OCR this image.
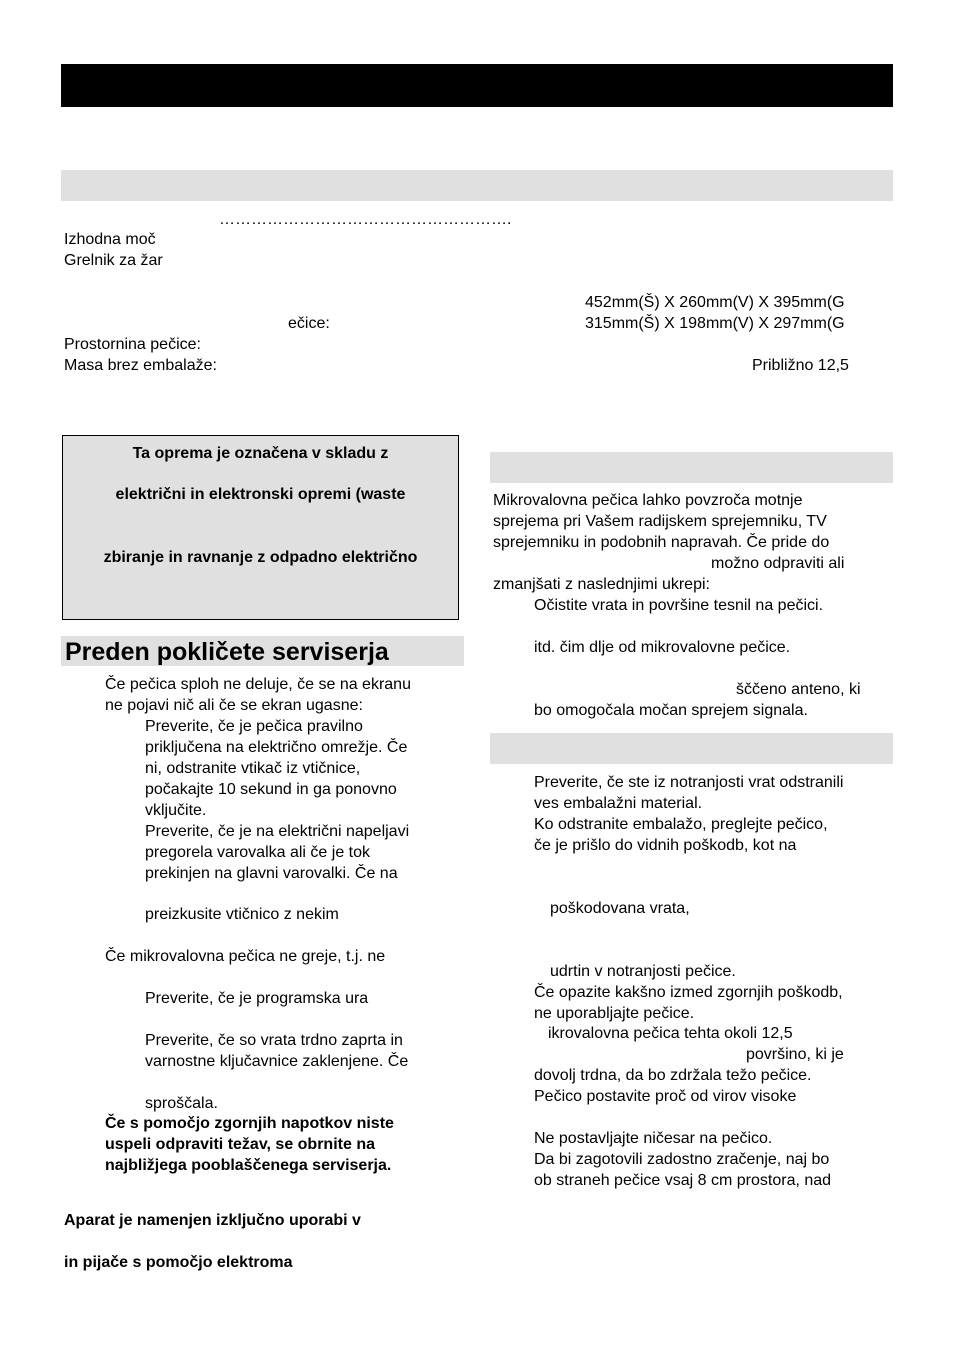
……………………………………………….
Izhodna moč
Grelnik za žar
452mm(Š) X 260mm(V) X 395mm(G
ečice:	315mm(Š) X 198mm(V) X 297mm(G
Prostornina pečice:
Masa brez embalaže:	Približno 12,5
Ta oprema je označena v skladu z
električni in elektronski opremi (waste
zbiranje in ravnanje z odpadno električno
Preden pokličete serviserja
Če pečica sploh ne deluje, če se na ekranu
ne pojavi nič ali če se ekran ugasne:
Preverite, če je pečica pravilno
priključena na električno omrežje. Če
ni, odstranite vtikač iz vtičnice,
počakajte 10 sekund in ga ponovno
vključite.
Preverite, če je na električni napeljavi
pregorela varovalka ali če je tok
prekinjen na glavni varovalki. Če na
preizkusite vtičnico z nekim
Če mikrovalovna pečica ne greje, t.j. ne
Preverite, če je programska ura
Preverite, če so vrata trdno zaprta in
varnostne ključavnice zaklenjene. Če
sproščala.
Če s pomočjo zgornjih napotkov niste
uspeli odpraviti težav, se obrnite na
najbližjega pooblaščenega serviserja.
Aparat je namenjen izključno uporabi v
in pijače s pomočjo elektroma
Mikrovalovna pečica lahko povzroča motnje
sprejema pri Vašem radijskem sprejemniku, TV
sprejemniku in podobnih napravah. Če pride do
možno odpraviti ali
zmanjšati z naslednjimi ukrepi:
Očistite vrata in površine tesnil na pečici.
itd. čim dlje od mikrovalovne pečice.
šččeno anteno, ki
bo omogočala močan sprejem signala.
Preverite, če ste iz notranjosti vrat odstranili
ves embalažni material.
Ko odstranite embalažo, preglejte pečico,
če je prišlo do vidnih poškodb, kot na
poškodovana vrata,
udrtin v notranjosti pečice.
Če opazite kakšno izmed zgornjih poškodb,
ne uporabljajte pečice.
ikrovalovna pečica tehta okoli 12,5
površino, ki je
dovolj trdna, da bo zdržala težo pečice.
Pečico postavite proč od virov visoke
Ne postavljajte ničesar na pečico.
Da bi zagotovili zadostno zračenje, naj bo
ob straneh pečice vsaj 8 cm prostora, nad
